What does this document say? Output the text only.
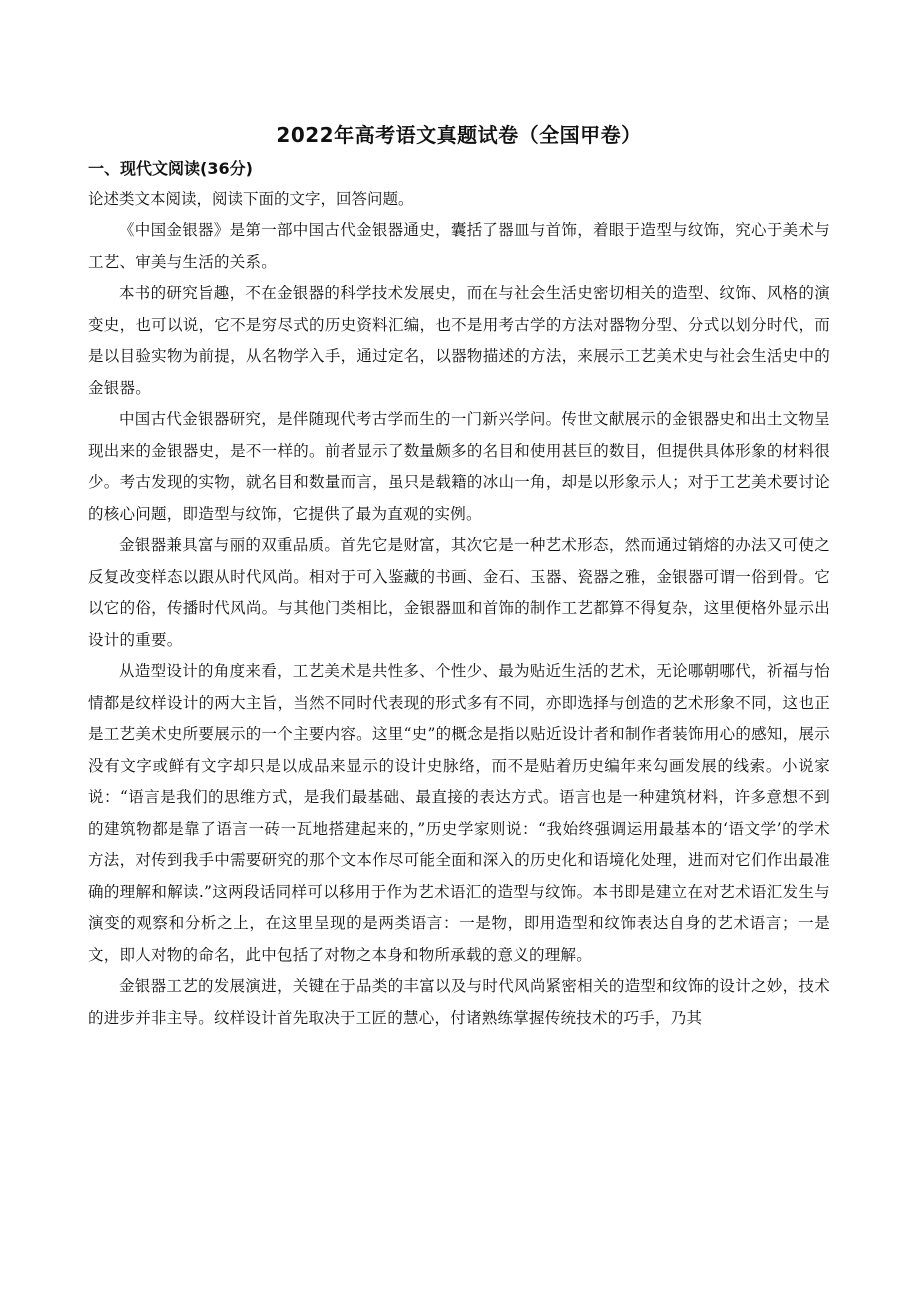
2022年高考语文真题试卷（全国甲卷）
一、现代文阅读(36分)

论述类文本阅读，阅读下面的文字，回答问题。

《中国金银器》是第一部中国古代金银器通史，囊括了器皿与首饰，着眼于造型与纹饰，究心于美术与工艺、审美与生活的关系。

本书的研究旨趣，不在金银器的科学技术发展史，而在与社会生活史密切相关的造型、纹饰、风格的演变史，也可以说，它不是穷尽式的历史资料汇编，也不是用考古学的方法对器物分型、分式以划分时代，而是以目验实物为前提，从名物学入手，通过定名，以器物描述的方法，来展示工艺美术史与社会生活史中的金银器。

中国古代金银器研究，是伴随现代考古学而生的一门新兴学问。传世文献展示的金银器史和出土文物呈现出来的金银器史，是不一样的。前者显示了数量颇多的名目和使用甚巨的数目，但提供具体形象的材料很少。考古发现的实物，就名目和数量而言，虽只是载籍的冰山一角，却是以形象示人；对于工艺美术要讨论的核心问题，即造型与纹饰，它提供了最为直观的实例。

金银器兼具富与丽的双重品质。首先它是财富，其次它是一种艺术形态，然而通过销熔的办法又可使之反复改变样态以跟从时代风尚。相对于可入鉴藏的书画、金石、玉器、瓷器之雅，金银器可谓一俗到骨。它以它的俗，传播时代风尚。与其他门类相比，金银器皿和首饰的制作工艺都算不得复杂，这里便格外显示出设计的重要。

从造型设计的角度来看，工艺美术是共性多、个性少、最为贴近生活的艺术，无论哪朝哪代，祈福与怡情都是纹样设计的两大主旨，当然不同时代表现的形式多有不同，亦即选择与创造的艺术形象不同，这也正是工艺美术史所要展示的一个主要内容。这里“史”的概念是指以贴近设计者和制作者装饰用心的感知，展示没有文字或鲜有文字却只是以成品来显示的设计史脉络，而不是贴着历史编年来勾画发展的线索。小说家说：“语言是我们的思维方式，是我们最基础、最直接的表达方式。语言也是一种建筑材料，许多意想不到的建筑物都是靠了语言一砖一瓦地搭建起来的，”历史学家则说：“我始终强调运用最基本的‘语文学’的学术方法，对传到我手中需要研究的那个文本作尽可能全面和深入的历史化和语境化处理，进而对它们作出最准确的理解和解读.”这两段话同样可以移用于作为艺术语汇的造型与纹饰。本书即是建立在对艺术语汇发生与演变的观察和分析之上，在这里呈现的是两类语言：一是物，即用造型和纹饰表达自身的艺术语言；一是文，即人对物的命名，此中包括了对物之本身和物所承载的意义的理解。

金银器工艺的发展演进，关键在于品类的丰富以及与时代风尚紧密相关的造型和纹饰的设计之妙，技术的进步并非主导。纹样设计首先取决于工匠的慧心，付诸熟练掌握传统技术的巧手，乃其
